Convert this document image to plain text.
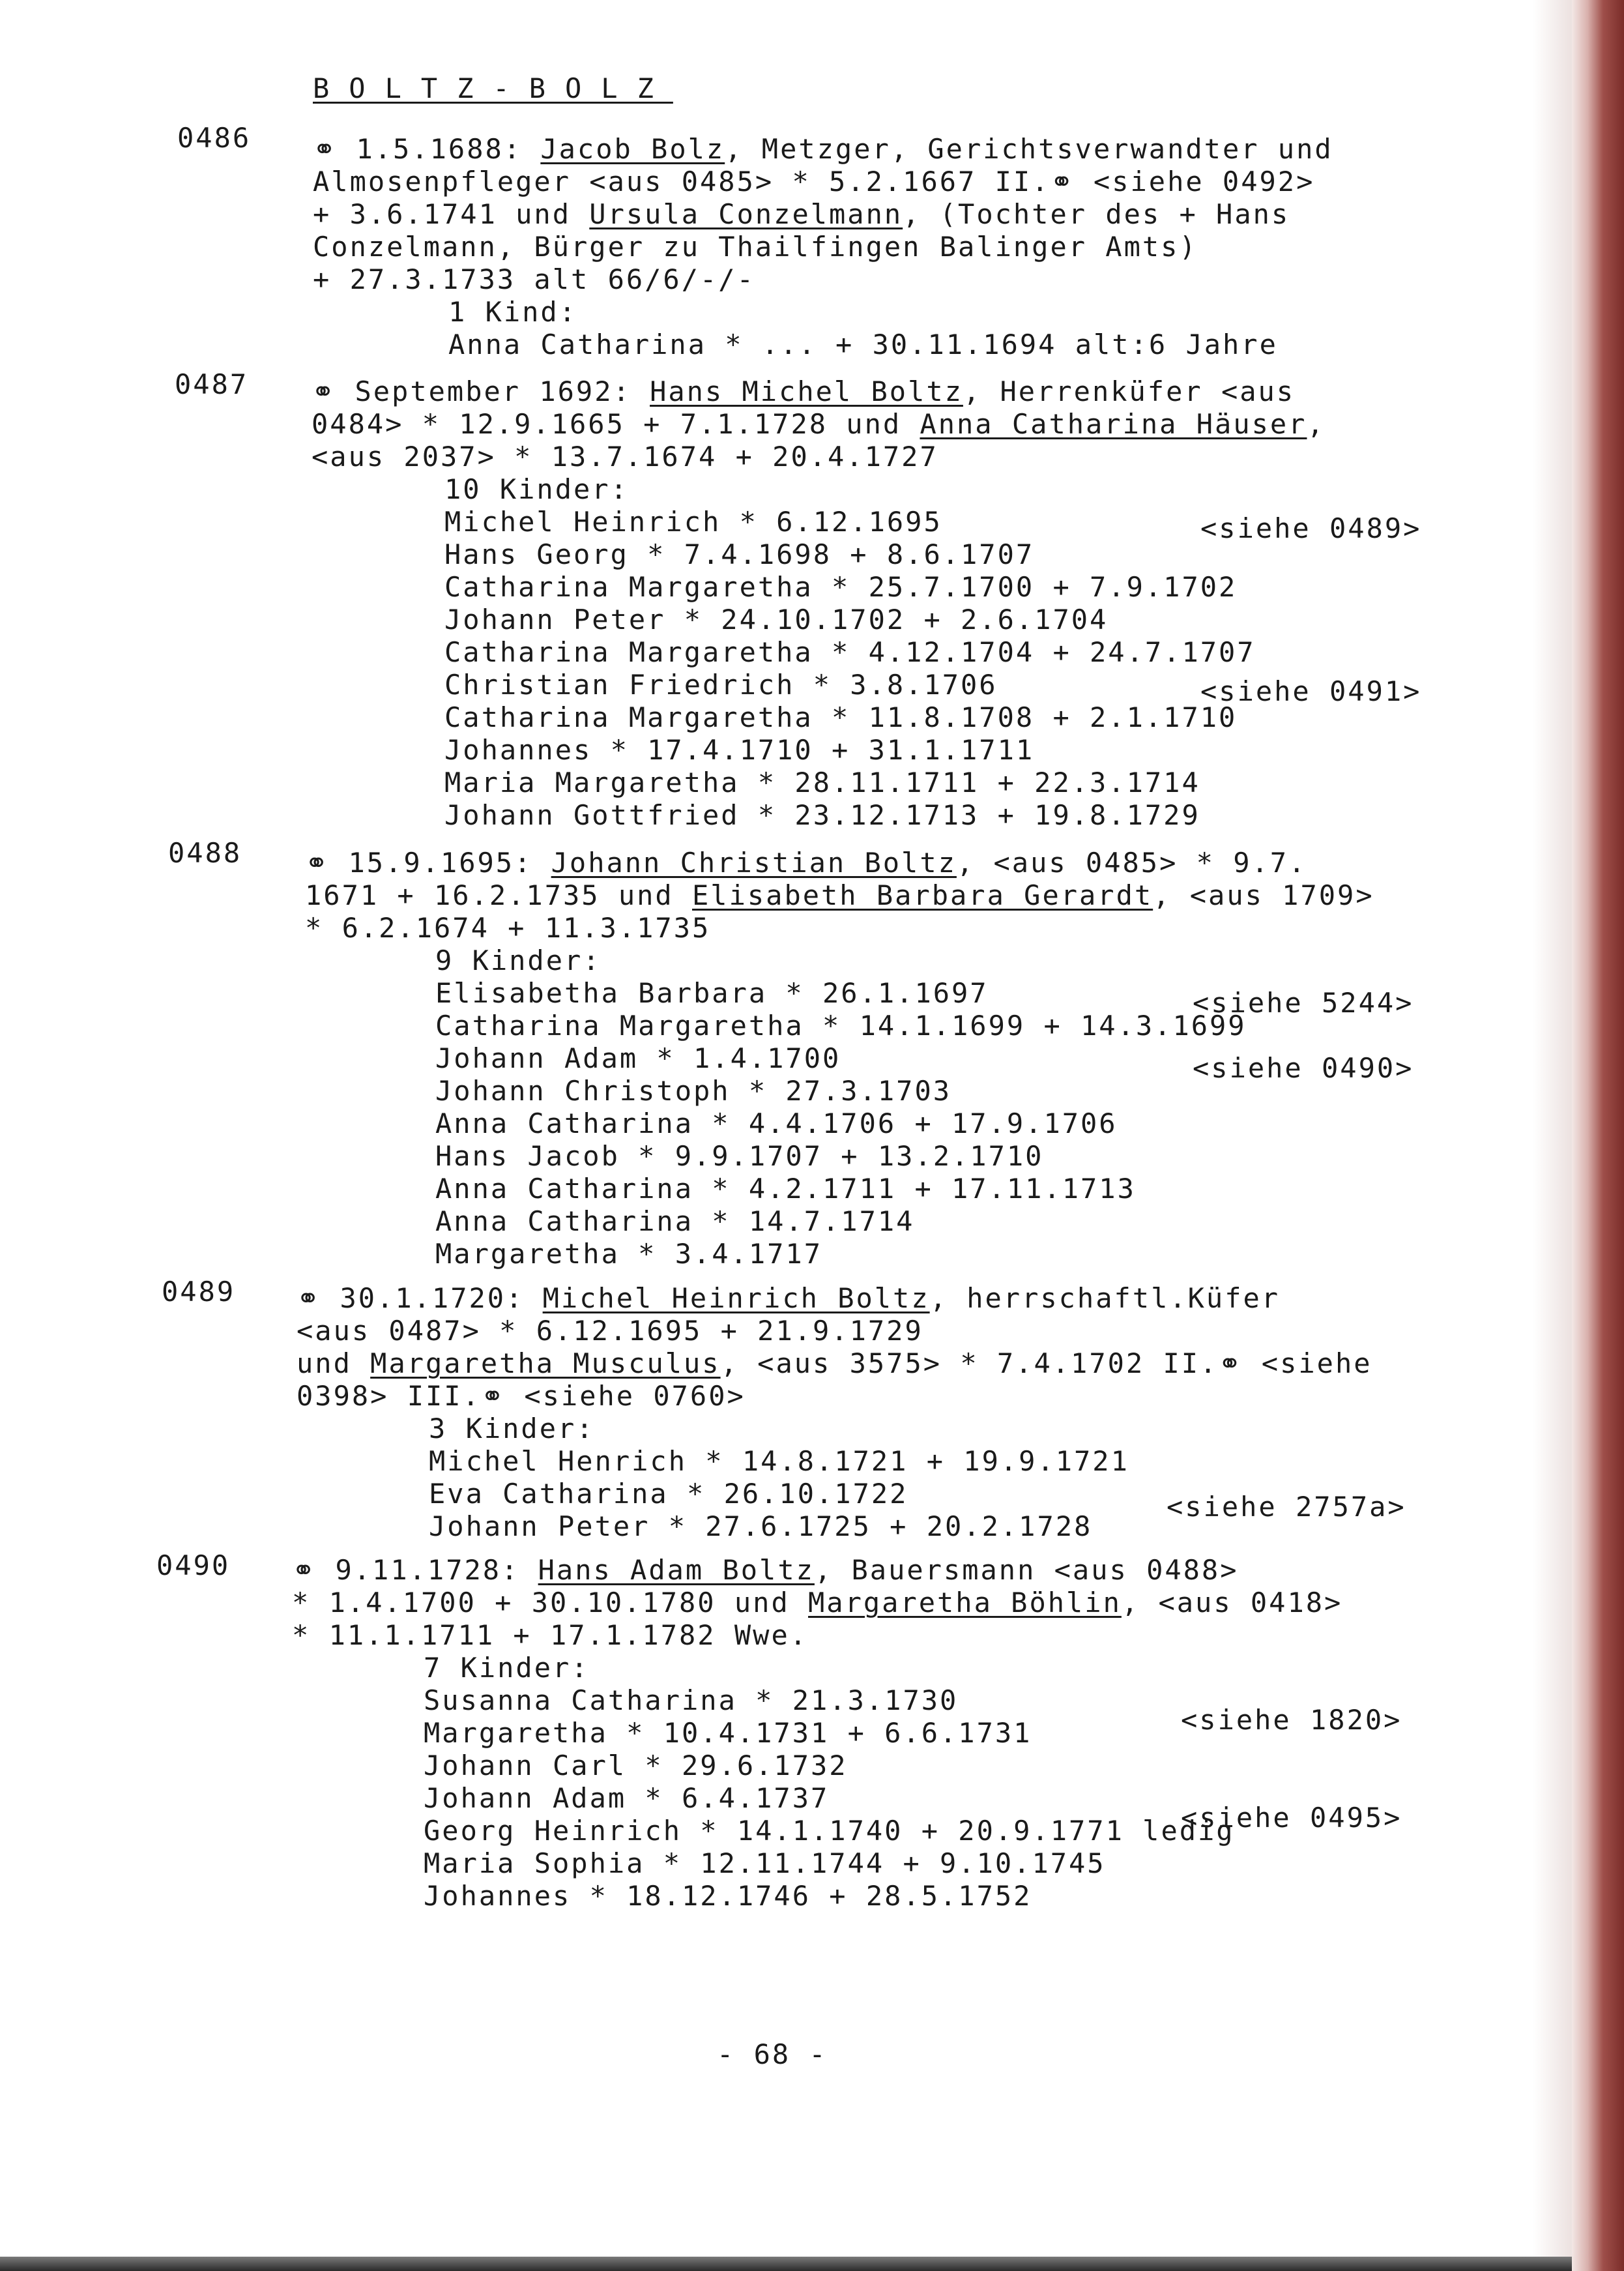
BOLTZ-BOLZ
0486 ⚭ 1.5.1688: Jacob Bolz, Metzger, Gerichtsverwandter und
Almosenpfleger <aus 0485> * 5.2.1667 II.⚭ <siehe 0492>
+ 3.6.1741 und Ursula Conzelmann, (Tochter des + Hans
Conzelmann, Bürger zu Thailfingen Balinger Amts)
+ 27.3.1733 alt 66/6/-/-
1 Kind:
Anna Catharina * ... + 30.11.1694 alt:6 Jahre
0487 ⚭ September 1692: Hans Michel Boltz, Herrenküfer <aus
0484> * 12.9.1665 + 7.1.1728 und Anna Catharina Häuser,
<aus 2037> * 13.7.1674 + 20.4.1727
10 Kinder:
Michel Heinrich * 6.12.1695	<siehe 0489>
Hans Georg * 7.4.1698 + 8.6.1707
Catharina Margaretha * 25.7.1700 + 7.9.1702
Johann Peter * 24.10.1702 + 2.6.1704
Catharina Margaretha * 4.12.1704 + 24.7.1707
Christian Friedrich * 3.8.1706	<siehe 0491>
Catharina Margaretha * 11.8.1708 + 2.1.1710
Johannes * 17.4.1710 + 31.1.1711
Maria Margaretha * 28.11.1711 + 22.3.1714
Johann Gottfried * 23.12.1713 + 19.8.1729
0488 ⚭ 15.9.1695: Johann Christian Boltz, <aus 0485> * 9.7.
1671 + 16.2.1735 und Elisabeth Barbara Gerardt, <aus 1709>
* 6.2.1674 + 11.3.1735
9 Kinder:
Elisabetha Barbara * 26.1.1697	<siehe 5244>
Catharina Margaretha * 14.1.1699 + 14.3.1699
Johann Adam * 1.4.1700	<siehe 0490>
Johann Christoph * 27.3.1703
Anna Catharina * 4.4.1706 + 17.9.1706
Hans Jacob * 9.9.1707 + 13.2.1710
Anna Catharina * 4.2.1711 + 17.11.1713
Anna Catharina * 14.7.1714
Margaretha * 3.4.1717
0489 ⚭ 30.1.1720: Michel Heinrich Boltz, herrschaftl.Küfer
<aus 0487> * 6.12.1695 + 21.9.1729
und Margaretha Musculus, <aus 3575> * 7.4.1702 II.⚭ <siehe
0398> III.⚭ <siehe 0760>
3 Kinder:
Michel Henrich * 14.8.1721 + 19.9.1721
Eva Catharina * 26.10.1722	<siehe 2757a>
Johann Peter * 27.6.1725 + 20.2.1728
0490 ⚭ 9.11.1728: Hans Adam Boltz, Bauersmann <aus 0488>
* 1.4.1700 + 30.10.1780 und Margaretha Böhlin, <aus 0418>
* 11.1.1711 + 17.1.1782 Wwe.
7 Kinder:
Susanna Catharina * 21.3.1730
<siehe 1820>
Margaretha * 10.4.1731 + 6.6.1731
Johann Carl * 29.6.1732
Johann Adam * 6.4.1737
<siehe 0495>
Georg Heinrich * 14.1.1740 + 20.9.1771 ledig
Maria Sophia * 12.11.1744 + 9.10.1745
Johannes * 18.12.1746 + 28.5.1752
- 68 -
